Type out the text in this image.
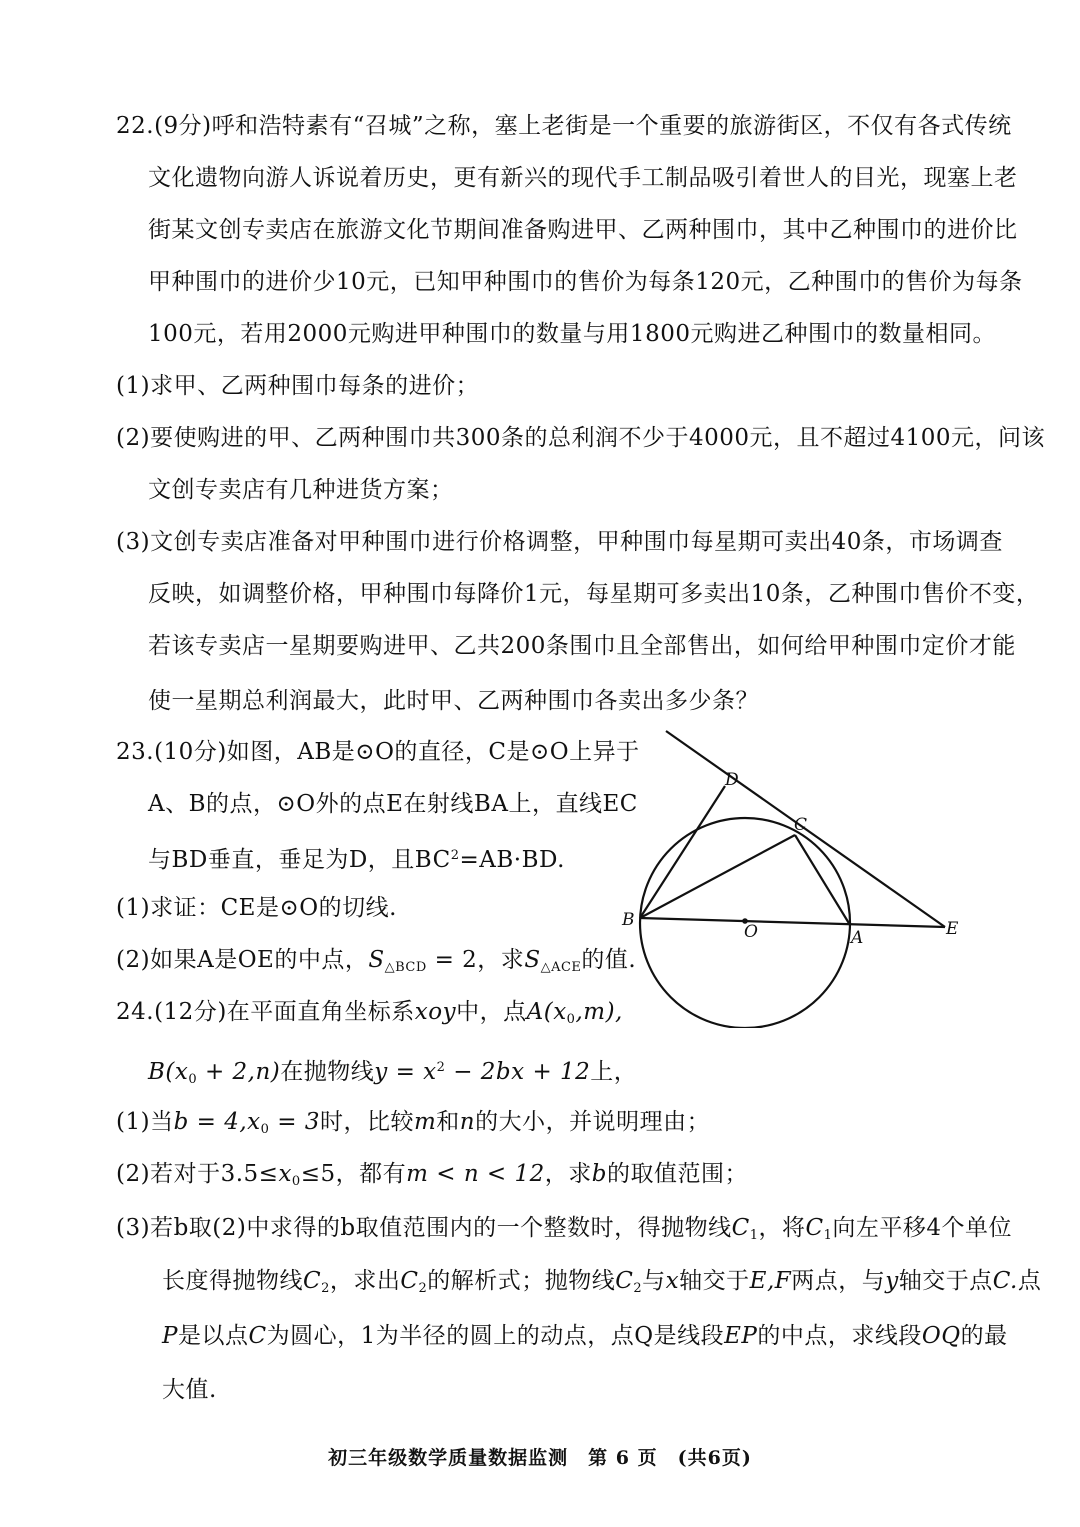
22.(9分)呼和浩特素有“召城”之称，塞上老街是一个重要的旅游街区，不仅有各式传统
文化遗物向游人诉说着历史，更有新兴的现代手工制品吸引着世人的目光，现塞上老
街某文创专卖店在旅游文化节期间准备购进甲、乙两种围巾，其中乙种围巾的进价比
甲种围巾的进价少10元，已知甲种围巾的售价为每条120元，乙种围巾的售价为每条
100元，若用2000元购进甲种围巾的数量与用1800元购进乙种围巾的数量相同。
(1)求甲、乙两种围巾每条的进价；
(2)要使购进的甲、乙两种围巾共300条的总利润不少于4000元，且不超过4100元，问该
文创专卖店有几种进货方案；
(3)文创专卖店准备对甲种围巾进行价格调整，甲种围巾每星期可卖出40条，市场调查
反映，如调整价格，甲种围巾每降价1元，每星期可多卖出10条，乙种围巾售价不变，
若该专卖店一星期要购进甲、乙共200条围巾且全部售出，如何给甲种围巾定价才能
使一星期总利润最大，此时甲、乙两种围巾各卖出多少条？
23.(10分)如图，AB是⊙O的直径，C是⊙O上异于
A、B的点，⊙O外的点E在射线BA上，直线EC
与BD垂直，垂足为D，且$BC^2=AB\cdot BD$.
(1)求证：CE是⊙O的切线.
(2)如果A是OE的中点，$S_{\triangle BCD} = 2$，求$S_{\triangle ACE}$的值.
D
C
B
O	A	E
24.(12分)在平面直角坐标系xoy中，点$A(x_0,m)$,
$B(x_0 + 2,n)$在抛物线$y = x^2 - 2bx + 12$上，
(1)当$b = 4,x_0 = 3$时，比较m和n的大小，并说明理由；
(2)若对于$3.5\le x_0\le 5$，都有m < n < 12，求b的取值范围；
(3)若b取(2)中求得的b取值范围内的一个整数时，得抛物线$C_1$，将$C_1$向左平移4个单位
长度得抛物线$C_2$，求出$C_2$的解析式；抛物线$C_2$与x轴交于E,F两点，与y轴交于点C.点
P是以点C为圆心，1为半径的圆上的动点，点Q是线段EP的中点，求线段OQ的最
大值.
初三年级数学质量数据监测　第 6 页　(共6页)
